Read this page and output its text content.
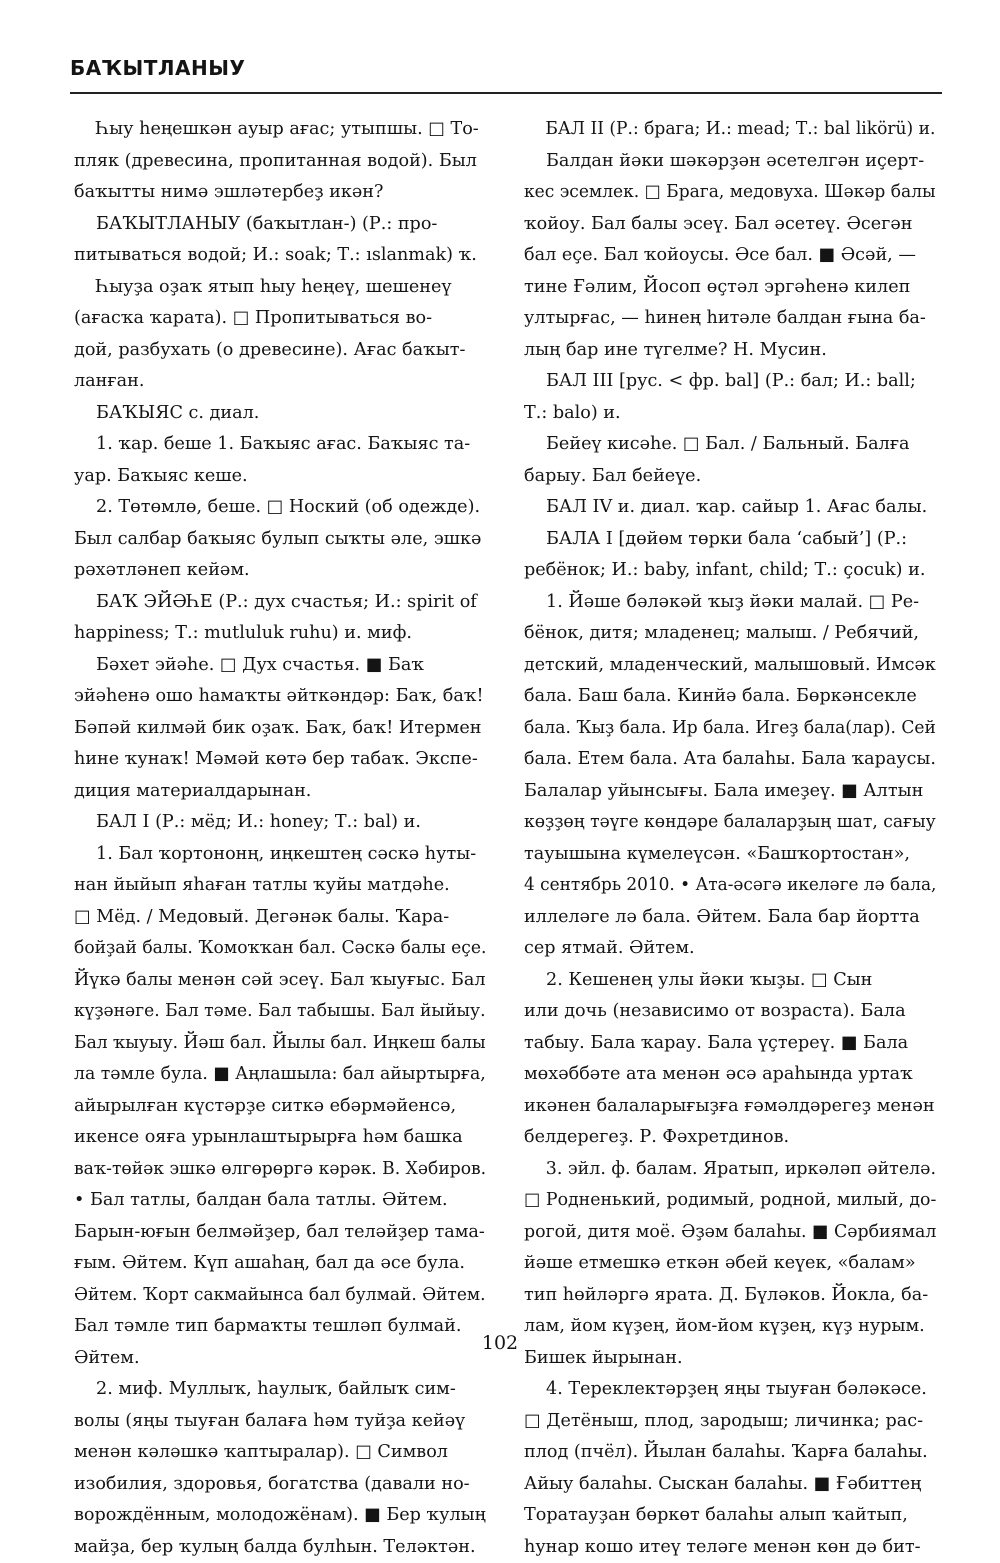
БАҠЫТЛАНЫУ
Һыу һеңешкән ауыр ағас; утыпшы. □ То-
пляк (древесина, пропитанная водой). Был
баҡытты нимә эшләтербеҙ икән?
БАҠЫТЛАНЫУ (баҡытлан-) (Р.: про-
питываться водой; И.: soak; Т.: ıslanmak) ҡ.
Һыуҙа оҙаҡ ятып һыу һеңеү, шешенеү
(ағасҡа ҡарата). □ Пропитываться во-
дой, разбухать (о древесине). Ағас баҡыт-
ланған.
БАҠЫЯС с. диал.
1. ҡар. беше 1. Баҡыяс ағас. Баҡыяс та-
уар. Баҡыяс кеше.
2. Төтөмлө, беше. □ Ноский (об одежде).
Был салбар баҡыяс булып сыҡты әле, эшкә
рәхәтләнеп кейәм.
БАҠ ЭЙӘҺЕ (Р.: дух счастья; И.: spirit of
happiness; Т.: mutluluk ruhu) и. миф.
Бәхет эйәһе. □ Дух счастья. ■ Баҡ
эйәһенә ошо һамаҡты әйткәндәр: Баҡ, баҡ!
Бәпәй килмәй бик оҙаҡ. Баҡ, баҡ! Итермен
һине ҡунаҡ! Мәмәй көтә бер табаҡ. Экспе-
диция материалдарынан.
БАЛ I (Р.: мёд; И.: honey; Т.: bal) и.
1. Бал ҡортононң, иңкештең сәскә һуты-
нан йыйып яһаған татлы ҡуйы матдәһе.
□ Мёд. / Медовый. Дегәнәк балы. Ҡара-
бойҙай балы. Ҡомоҡҡан бал. Сәскә балы еҫе.
Йүкә балы менән сәй эсеү. Бал ҡыуғыс. Бал
күҙәнәге. Бал тәме. Бал табышы. Бал йыйыу.
Бал ҡыуыу. Йәш бал. Йылы бал. Иңкеш балы
ла тәмле була. ■ Аңлашыла: бал айыртырға,
айырылған күстәрҙе ситкә ебәрмәйенсә,
икенсе ояға урынлаштырырға һәм башка
ваҡ-төйәк эшкә өлгөрөргә кәрәк. В. Хәбиров.
• Бал татлы, балдан бала татлы. Әйтем.
Барын-юғын белмәйҙер, бал теләйҙер тама-
ғым. Әйтем. Күп ашаһаң, бал да әсе була.
Әйтем. Ҡорт сакмайынса бал булмай. Әйтем.
Бал тәмле тип бармаҡты тешләп булмай.
Әйтем.
2. миф. Муллыҡ, һаулыҡ, байлыҡ сим-
волы (яңы тыуған балаға һәм туйҙа кейәү
менән кәләшкә ҡаптыралар). □ Символ
изобилия, здоровья, богатства (давали но-
ворождённым, молодожёнам). ■ Бер ҡулың
майҙа, бер ҡулың балда булһын. Теләктән.
БАЛ II (Р.: брага; И.: mead; Т.: bal likörü) и.
Балдан йәки шәкәрҙән әсетелгән иҫерт-
кес эсемлек. □ Брага, медовуха. Шәкәр балы
ҡойоу. Бал балы эсеү. Бал әсетеү. Әсегән
бал еҫе. Бал ҡойоусы. Әсе бал. ■ Әсәй, —
тине Ғәлим, Йосоп өҫтәл эргәһенә килеп
ултырғас, — һинең һитәле балдан ғына ба-
лың бар ине түгелме? Н. Мусин.
БАЛ III [рус. < фр. bal] (Р.: бал; И.: ball;
Т.: balo) и.
Бейеү кисәһе. □ Бал. / Бальный. Балға
барыу. Бал бейеүе.
БАЛ IV и. диал. ҡар. сайыр 1. Ағас балы.
БАЛА I [дөйөм төрки бала ‘сабый’] (Р.:
ребёнок; И.: baby, infant, child; Т.: çocuk) и.
1. Йәше бәләкәй ҡыҙ йәки малай. □ Ре-
бёнок, дитя; младенец; малыш. / Ребячий,
детский, младенческий, малышовый. Имсәк
бала. Баш бала. Кинйә бала. Бөркәнсекле
бала. Ҡыҙ бала. Ир бала. Игеҙ бала(лар). Сей
бала. Етем бала. Ата балаһы. Бала ҡараусы.
Балалар уйынсығы. Бала имеҙеү. ■ Алтын
көҙҙөң тәүге көндәре балаларҙың шат, сағыу
тауышына күмелеүсән. «Башҡортостан»,
4 сентябрь 2010. • Ата-әсәгә икеләге лә бала,
иллеләге лә бала. Әйтем. Бала бар йортта
сер ятмай. Әйтем.
2. Кешенең улы йәки ҡыҙы. □ Сын
или дочь (независимо от возраста). Бала
табыу. Бала ҡарау. Бала үҫтереү. ■ Бала
мөхәббәте ата менән әсә араһында уртаҡ
икәнен балаларығыҙға ғәмәлдәрегеҙ менән
белдерегеҙ. Р. Фәхретдинов.
3. эйл. ф. балам. Яратып, иркәләп әйтелә.
□ Родненький, родимый, родной, милый, до-
рогой, дитя моё. Әҙәм балаһы. ■ Сәрбиямал
йәше етмешкә еткән әбей кеүек, «балам»
тип һөйләргә ярата. Д. Бүләков. Йокла, ба-
лам, йом күҙең, йом-йом күҙең, күҙ нурым.
Бишек йырынан.
4. Тереклектәрҙең яңы тыуған бәләкәсе.
□ Детёныш, плод, зародыш; личинка; рас-
плод (пчёл). Йылан балаһы. Ҡарға балаһы.
Айыу балаһы. Сыскан балаһы. ■ Ғәбиттең
Торатауҙан бөркөт балаһы алып ҡайтып,
һунар кошо итеү теләге менән көн дә бит-
102
